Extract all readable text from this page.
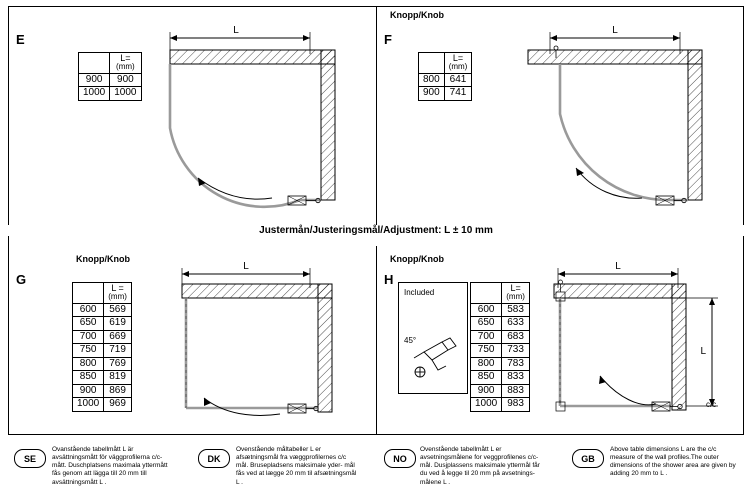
Justermån/Justeringsmål/Adjustment: L ± 10 mm
E
	L=
(mm)

900	900
1000	1000
L
F
Knopp/Knob
	L=
(mm)

800	641
900	741
L
G
Knopp/Knob
	L =
(mm)

600	569
650	619
700	669
750	719
800	769
850	819
900	869
1000	969
L
H
Knopp/Knob
Included
45°
	L=
(mm)

600	583
650	633
700	683
750	733
800	783
850	833
900	883
1000	983
L
L
c/c
SE
Ovanstående tabellmått L är avsättningsmått för väggprofilerna c/c-mått. Duschplatsens maximala yttermått fås genom att lägga till 20 mm till avsättningsmått L .
DK
Ovenstående måltabeller L er afsætningsmål fra væggprofilernes c/c mål. Brusepladsens maksimale yder- mål fås ved at lægge 20 mm til afsætningsmål L .
NO
Ovenstående tabellmått L er avsetningsmålene for veggprofilenes c/c- mål. Dusjplassens maksimale yttermål får du ved å legge til 20 mm på avsetnings-målene L .
GB
Above table dimensions L are the c/c measure of the wall profiles.The outer dimensions of the shower area are given by adding 20 mm to L .
